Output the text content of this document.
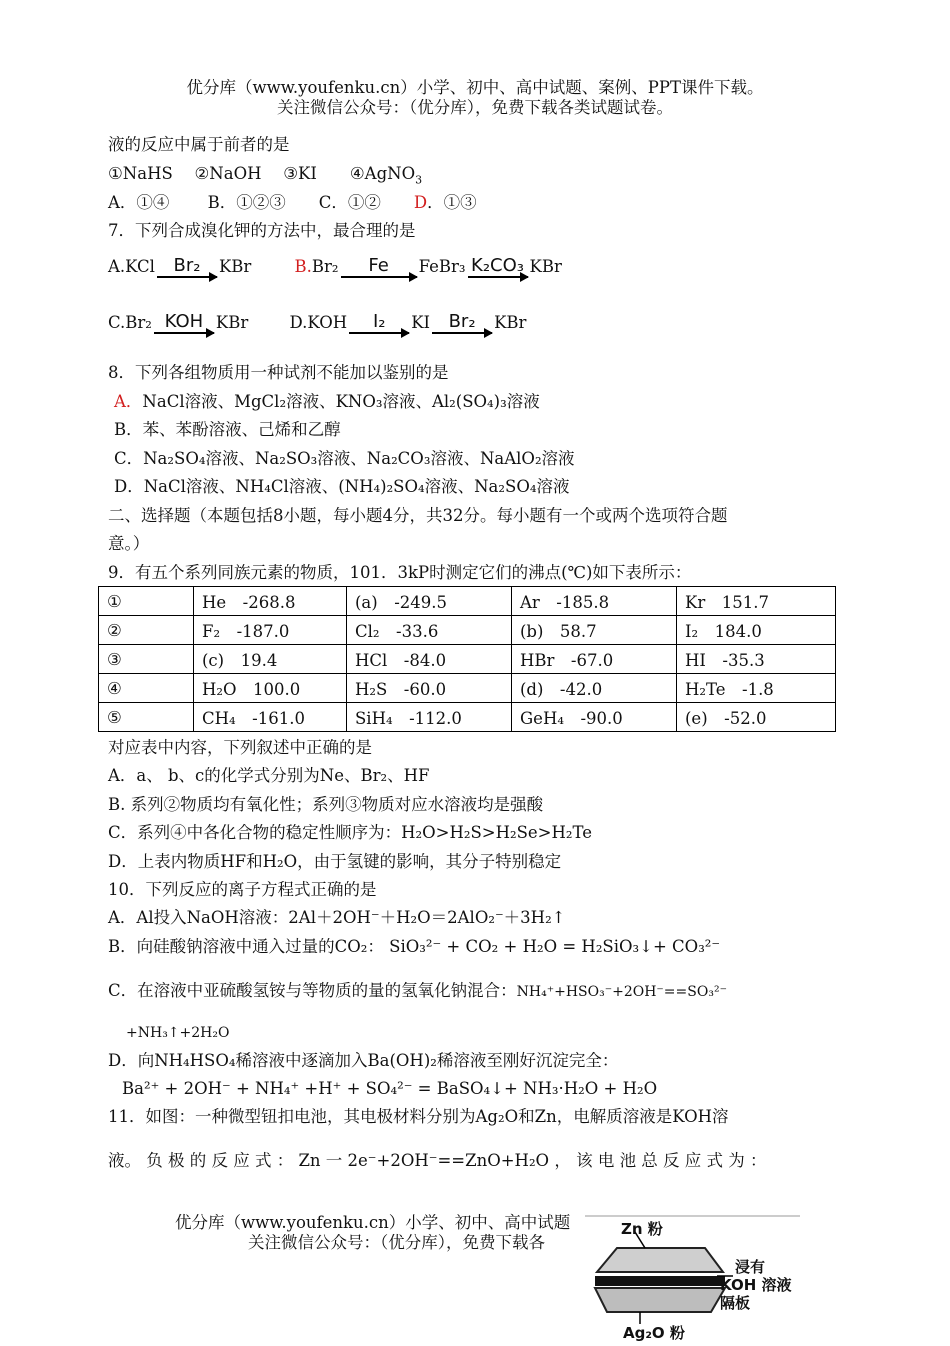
优分库（www.youfenku.cn）小学、初中、高中试题、案例、PPT课件下载。
关注微信公众号：（优分库），免费下载各类试题试卷。
液的反应中属于前者的是
①NaHS　 ②NaOH　 ③KI　　④AgNO$_3$
A．①④　　 B．①②③　　C．①②　　D．①③
7．下列合成溴化钾的方法中，最合理的是
A.KCl	Br₂	KBr
	B. Br₂	Fe	FeBr₃ K₂CO₃ KBr
C.Br₂ KOH KBr
	D.KOH	I₂	KI	Br₂	KBr
8．下列各组物质用一种试剂不能加以鉴别的是
A．NaCl溶液、MgCl₂溶液、KNO₃溶液、Al₂(SO₄)₃溶液
B．苯、苯酚溶液、己烯和乙醇
C．Na₂SO₄溶液、Na₂SO₃溶液、Na₂CO₃溶液、NaAlO₂溶液
D．NaCl溶液、NH₄Cl溶液、(NH₄)₂SO₄溶液、Na₂SO₄溶液
二、选择题（本题包括8小题，每小题4分，共32分。每小题有一个或两个选项符合题
意。）
9．有五个系列同族元素的物质，101．3kP时测定它们的沸点(℃)如下表所示：
①	He　-268.8	(a)　-249.5	Ar　-185.8	Kr　151.7
②	F₂　-187.0	Cl₂　-33.6	(b)　58.7	I₂　184.0
③	(c)　19.4	HCl　-84.0	HBr　-67.0	HI　-35.3
④	H₂O　100.0	H₂S　-60.0	(d)　-42.0	H₂Te　-1.8
⑤	CH₄　-161.0	SiH₄　-112.0	GeH₄　-90.0	(e)　-52.0
对应表中内容，下列叙述中正确的是
A．a、 b、c的化学式分别为Ne、Br₂、HF
B. 系列②物质均有氧化性；系列③物质对应水溶液均是强酸
C．系列④中各化合物的稳定性顺序为：H₂O>H₂S>H₂Se>H₂Te
D．上表内物质HF和H₂O，由于氢键的影响，其分子特别稳定
10．下列反应的离子方程式正确的是
A．Al投入NaOH溶液：2Al＋2OH⁻＋H₂O＝2AlO₂⁻＋3H₂↑
B．向硅酸钠溶液中通入过量的CO₂： SiO₃²⁻ + CO₂ + H₂O = H₂SiO₃↓+ CO₃²⁻
C．在溶液中亚硫酸氢铵与等物质的量的氢氧化钠混合：NH₄⁺+HSO₃⁻+2OH⁻==SO₃²⁻
+NH₃↑+2H₂O
D．向NH₄HSO₄稀溶液中逐滴加入Ba(OH)₂稀溶液至刚好沉淀完全：
Ba²⁺ + 2OH⁻ + NH₄⁺ +H⁺ + SO₄²⁻ = BaSO₄↓+ NH₃·H₂O + H₂O
11．如图：一种微型钮扣电池，其电极材料分别为Ag₂O和Zn，电解质溶液是KOH溶
液。 负 极 的 反 应 式 ： Zn 一 2e⁻+2OH⁻==ZnO+H₂O ， 该 电 池 总 反 应 式 为 ：
优分库（www.youfenku.cn）小学、初中、高中试题
关注微信公众号：（优分库），免费下载各
Zn 粉
浸有
KOH 溶液
隔板
Ag₂O 粉
